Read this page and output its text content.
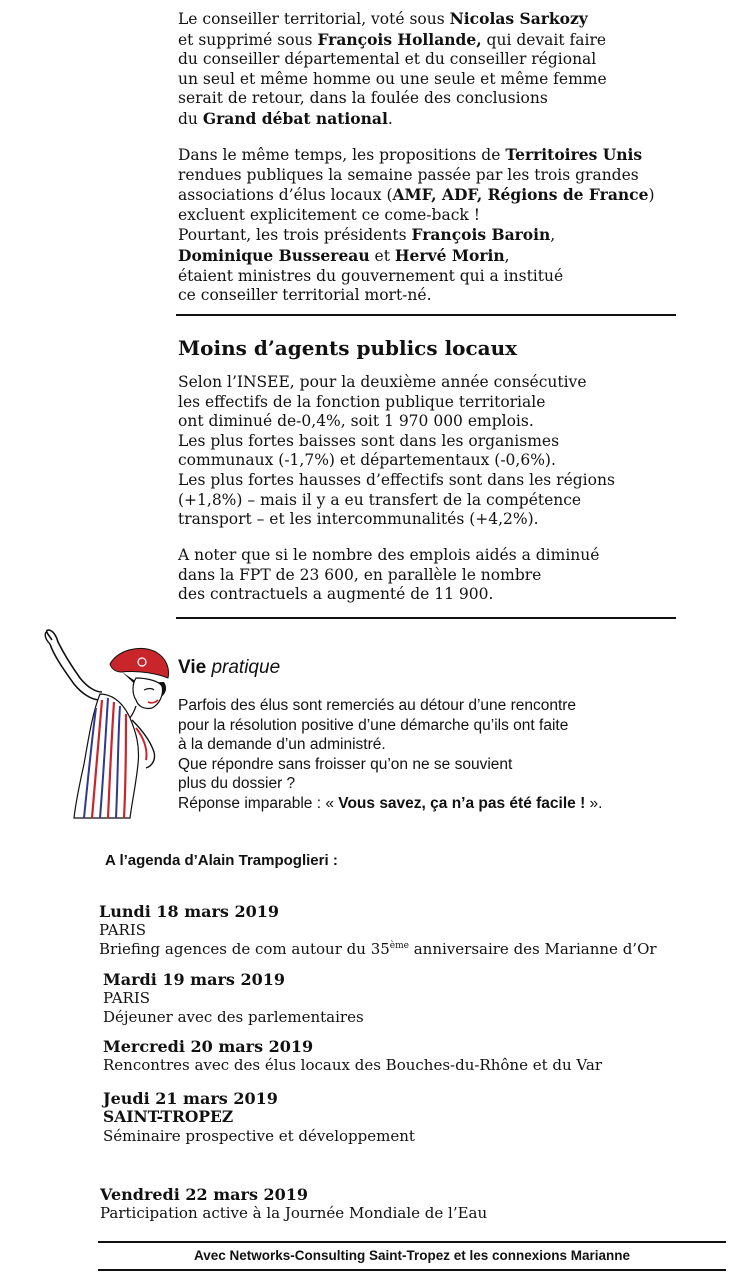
Le conseiller territorial, voté sous Nicolas Sarkozy
et supprimé sous François Hollande, qui devait faire
du conseiller départemental et du conseiller régional
un seul et même homme ou une seule et même femme
serait de retour, dans la foulée des conclusions
du Grand débat national.
Dans le même temps, les propositions de Territoires Unis
rendues publiques la semaine passée par les trois grandes
associations d’élus locaux (AMF, ADF, Régions de France)
excluent explicitement ce come-back !
Pourtant, les trois présidents François Baroin,
Dominique Bussereau et Hervé Morin,
étaient ministres du gouvernement qui a institué
ce conseiller territorial mort-né.
Moins d’agents publics locaux
Selon l’INSEE, pour la deuxième année consécutive
les effectifs de la fonction publique territoriale
ont diminué de-0,4%, soit 1 970 000 emplois.
Les plus fortes baisses sont dans les organismes
communaux (-1,7%) et départementaux (-0,6%).
Les plus fortes hausses d’effectifs sont dans les régions
(+1,8%) – mais il y a eu transfert de la compétence
transport – et les intercommunalités (+4,2%).
A noter que si le nombre des emplois aidés a diminué
dans la FPT de 23 600, en parallèle le nombre
des contractuels a augmenté de 11 900.
Vie pratique
Parfois des élus sont remerciés au détour d’une rencontre
pour la résolution positive d’une démarche qu’ils ont faite
à la demande d’un administré.
Que répondre sans froisser qu’on ne se souvient
plus du dossier ?
Réponse imparable : « Vous savez, ça n’a pas été facile ! ».
A l’agenda d’Alain Trampoglieri :
Lundi 18 mars 2019
PARIS
Briefing agences de com autour du 35ème anniversaire des Marianne d’Or
Mardi 19 mars 2019
PARIS
Déjeuner avec des parlementaires
Mercredi 20 mars 2019
Rencontres avec des élus locaux des Bouches-du-Rhône et du Var
Jeudi 21 mars 2019
SAINT-TROPEZ
Séminaire prospective et développement
Vendredi 22 mars 2019
Participation active à la Journée Mondiale de l’Eau
Avec Networks-Consulting Saint-Tropez et les connexions Marianne
